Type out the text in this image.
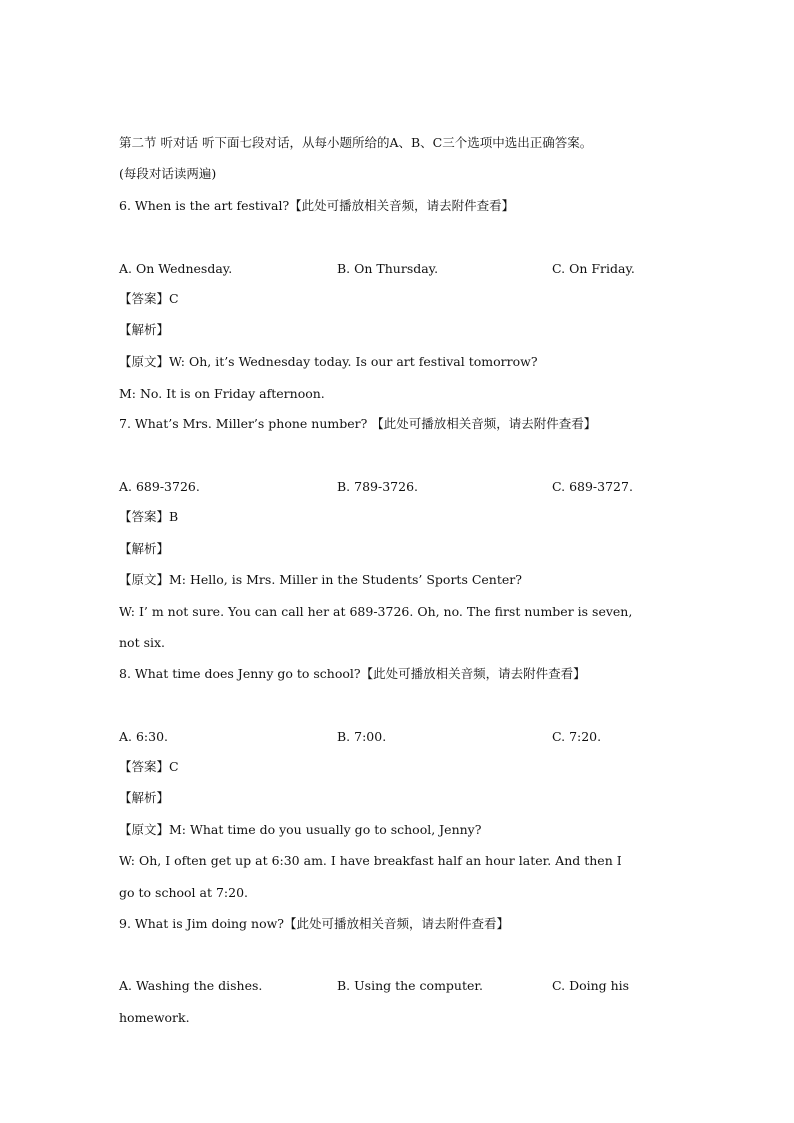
第二节 听对话 听下面七段对话，从每小题所给的A、B、C三个选项中选出正确答案。
(每段对话读两遍)
6. When is the art festival?【此处可播放相关音频，请去附件查看】
A. On Wednesday.	B. On Thursday.	C. On Friday.
【答案】C
【解析】
【原文】W: Oh, it’s Wednesday today. Is our art festival tomorrow?
M: No. It is on Friday afternoon.
7. What’s Mrs. Miller’s phone number? 【此处可播放相关音频，请去附件查看】
A. 689-3726.	B. 789-3726.	C. 689-3727.
【答案】B
【解析】
【原文】M: Hello, is Mrs. Miller in the Students’ Sports Center?
W: I’ m not sure. You can call her at 689-3726. Oh, no. The first number is seven,
not six.
8. What time does Jenny go to school?【此处可播放相关音频，请去附件查看】
A. 6:30.	B. 7:00.	C. 7:20.
【答案】C
【解析】
【原文】M: What time do you usually go to school, Jenny?
W: Oh, I often get up at 6:30 am. I have breakfast half an hour later. And then I
go to school at 7:20.
9. What is Jim doing now?【此处可播放相关音频，请去附件查看】
A. Washing the dishes.	B. Using the computer.	C. Doing his
homework.
